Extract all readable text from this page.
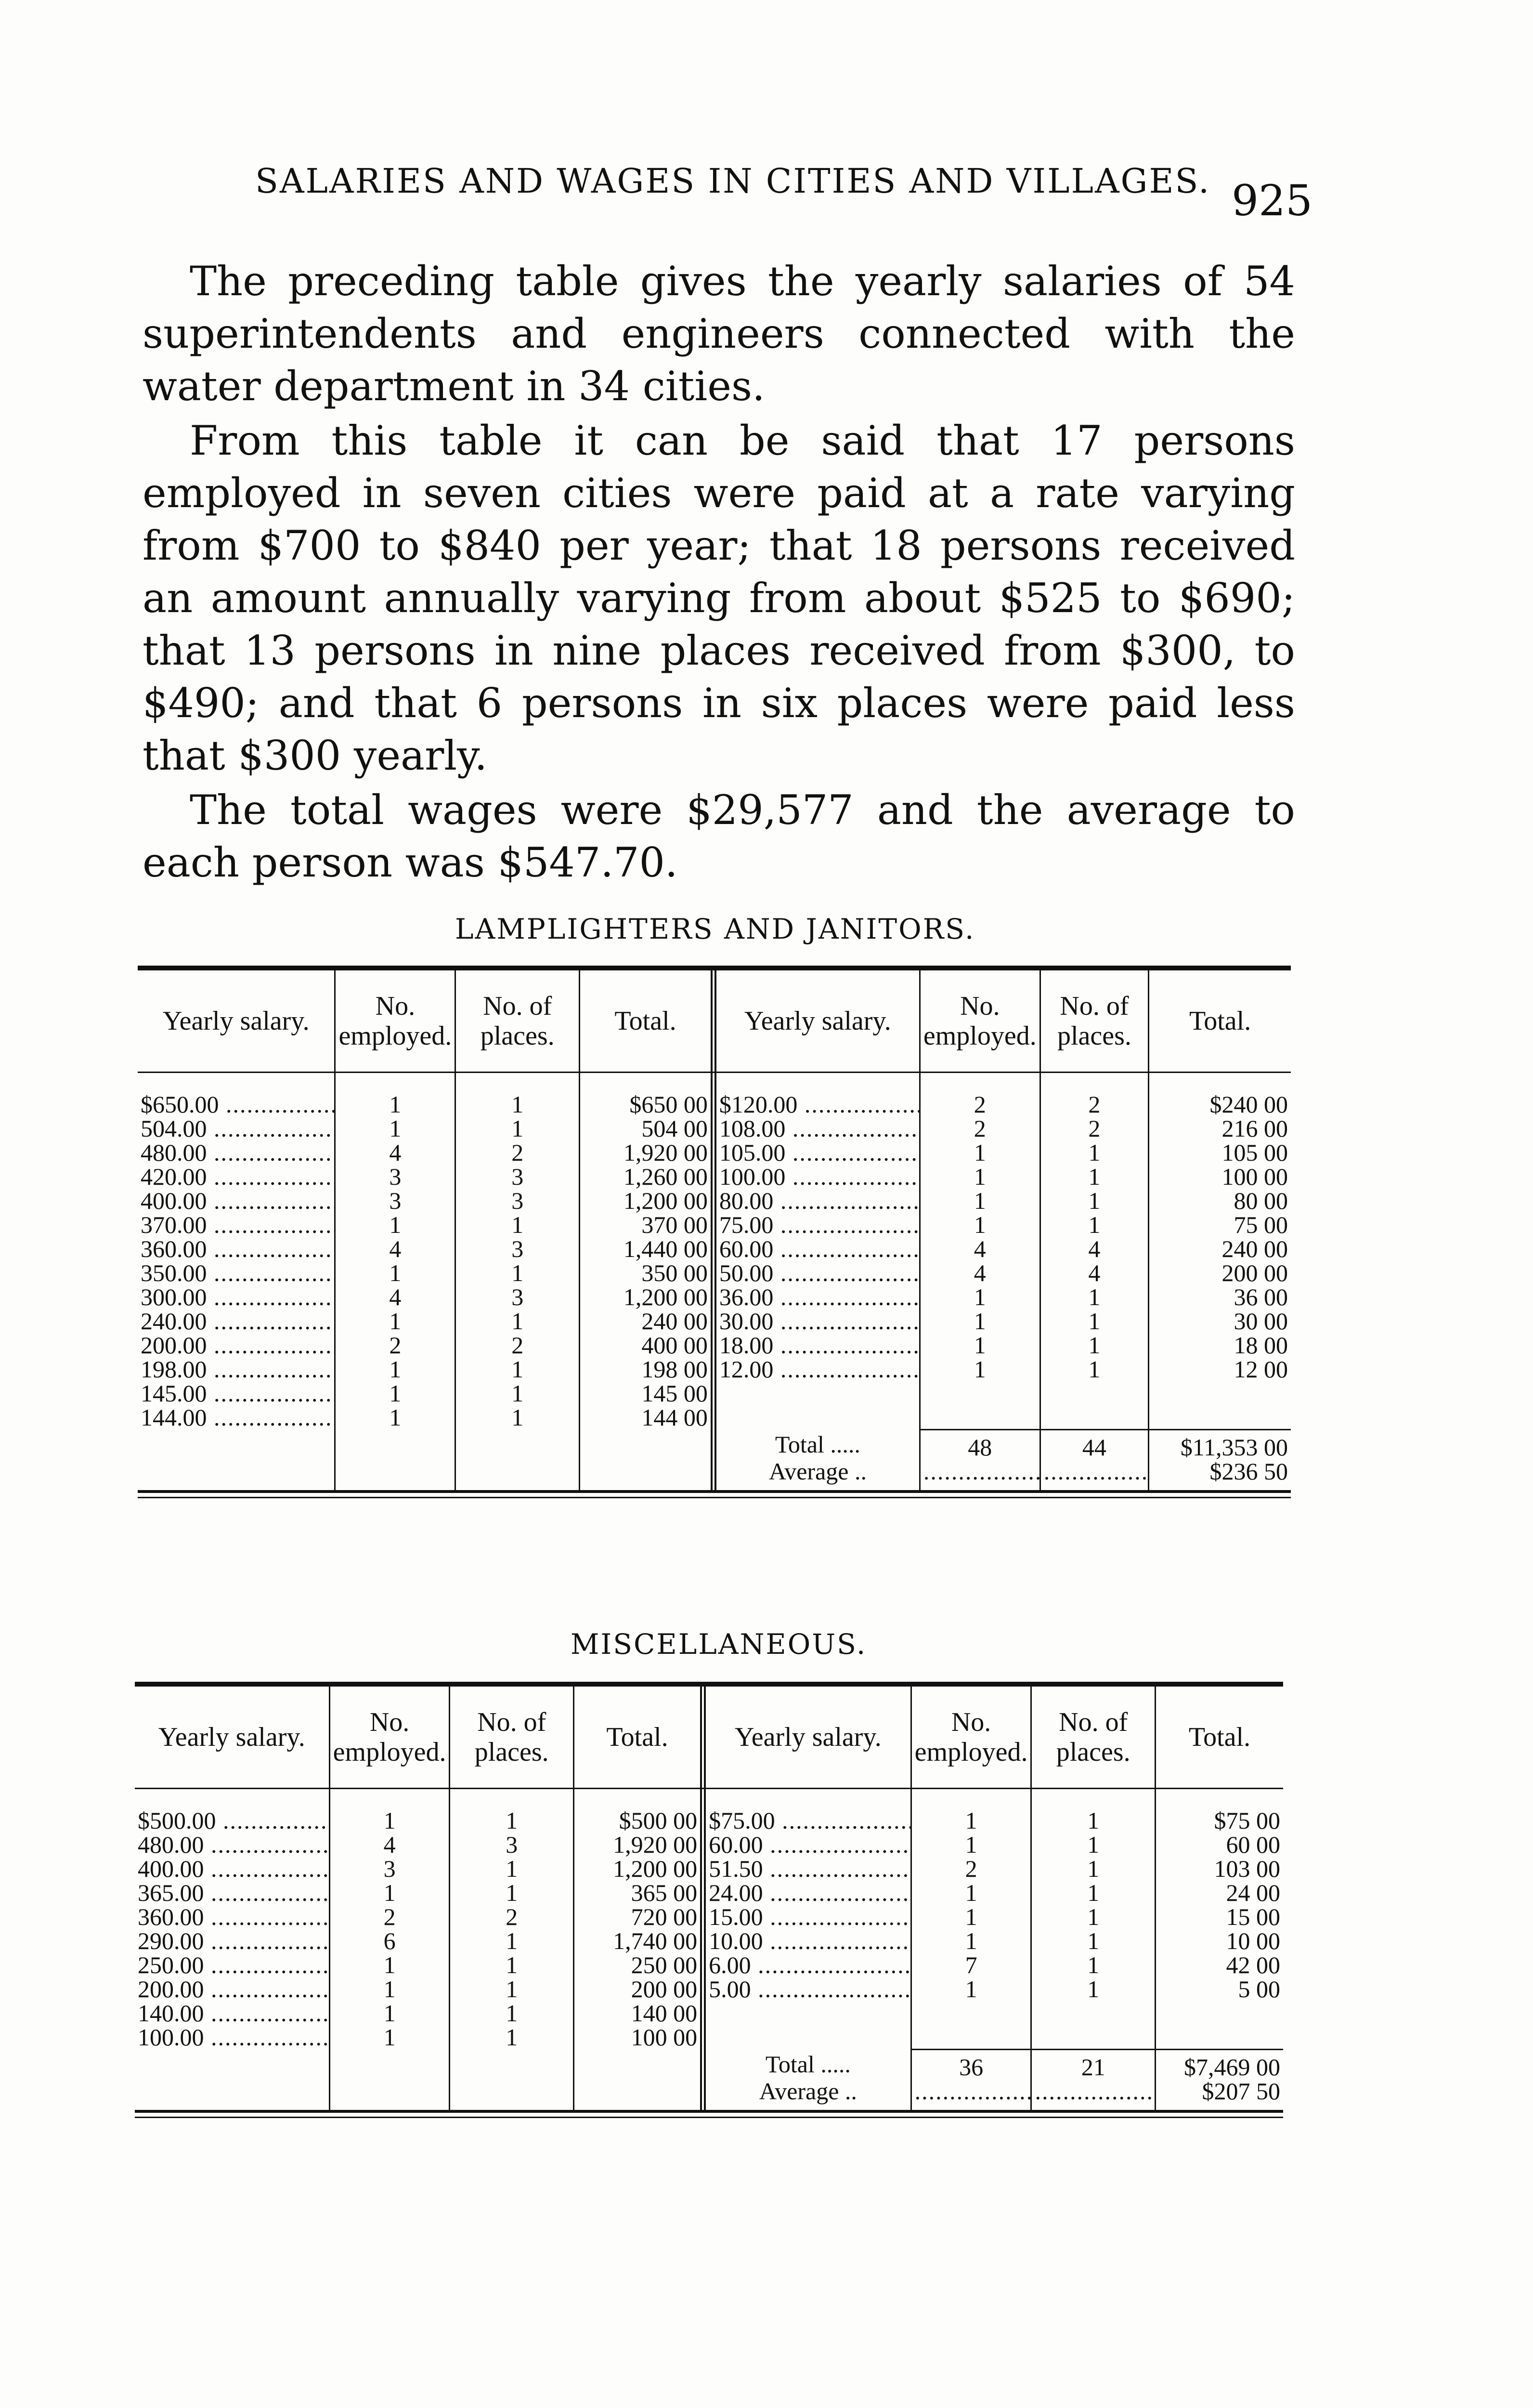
SALARIES AND WAGES IN CITIES AND VILLAGES. 925

The preceding table gives the yearly salaries of 54 superintendents and engineers connected with the water department in 34 cities.

From this table it can be said that 17 persons employed in seven cities were paid at a rate varying from $700 to $840 per year; that 18 persons received an amount annually varying from about $525 to $690; that 13 persons in nine places received from $300, to $490; and that 6 persons in six places were paid less that $300 yearly.

The total wages were $29,577 and the average to each person was $547.70.

LAMPLIGHTERS AND JANITORS.
Yearly salary.	No. employed.	No. of places.	Total.	Yearly salary.	No. employed.	No. of places.	Total.

$650.00 .....	1	1	$650 00	$120.00 .....	2	2	$240 00
504.00 .....	1	1	504 00	108.00 .....	2	2	216 00
480.00 .....	4	2	1,920 00	105.00 .....	1	1	105 00
420.00 .....	3	3	1,260 00	100.00 .....	1	1	100 00
400.00 .....	3	3	1,200 00	80.00 .....	1	1	80 00
370.00 .....	1	1	370 00	75.00 .....	1	1	75 00
360.00 .....	4	3	1,440 00	60.00 .....	4	4	240 00
350.00 .....	1	1	350 00	50.00 .....	4	4	200 00
300.00 .....	4	3	1,200 00	36.00 .....	1	1	36 00
240.00 .....	1	1	240 00	30.00 .....	1	1	30 00
200.00 .....	2	2	400 00	18.00 .....	1	1	18 00
198.00 .....	1	1	198 00	12.00 .....	1	1	12 00
145.00 .....	1	1	145 00				
144.00 .....	1	1	144 00				
				Total .....	48	44	$11,353 00
				Average ..	.....	.....	$236 50
MISCELLANEOUS.
Yearly salary.	No. employed.	No. of places.	Total.	Yearly salary.	No. employed.	No. of places.	Total.

$500.00 .....	1	1	$500 00	$75.00 .....	1	1	$75 00
480.00 .....	4	3	1,920 00	60.00 .....	1	1	60 00
400.00 .....	3	1	1,200 00	51.50 .....	2	1	103 00
365.00 .....	1	1	365 00	24.00 .....	1	1	24 00
360.00 .....	2	2	720 00	15.00 .....	1	1	15 00
290.00 .....	6	1	1,740 00	10.00 .....	1	1	10 00
250.00 .....	1	1	250 00	6.00 .....	7	1	42 00
200.00 .....	1	1	200 00	5.00 .....	1	1	5 00
140.00 .....	1	1	140 00				
100.00 .....	1	1	100 00				
				Total .....	36	21	$7,469 00
				Average ..	.....	.....	$207 50
